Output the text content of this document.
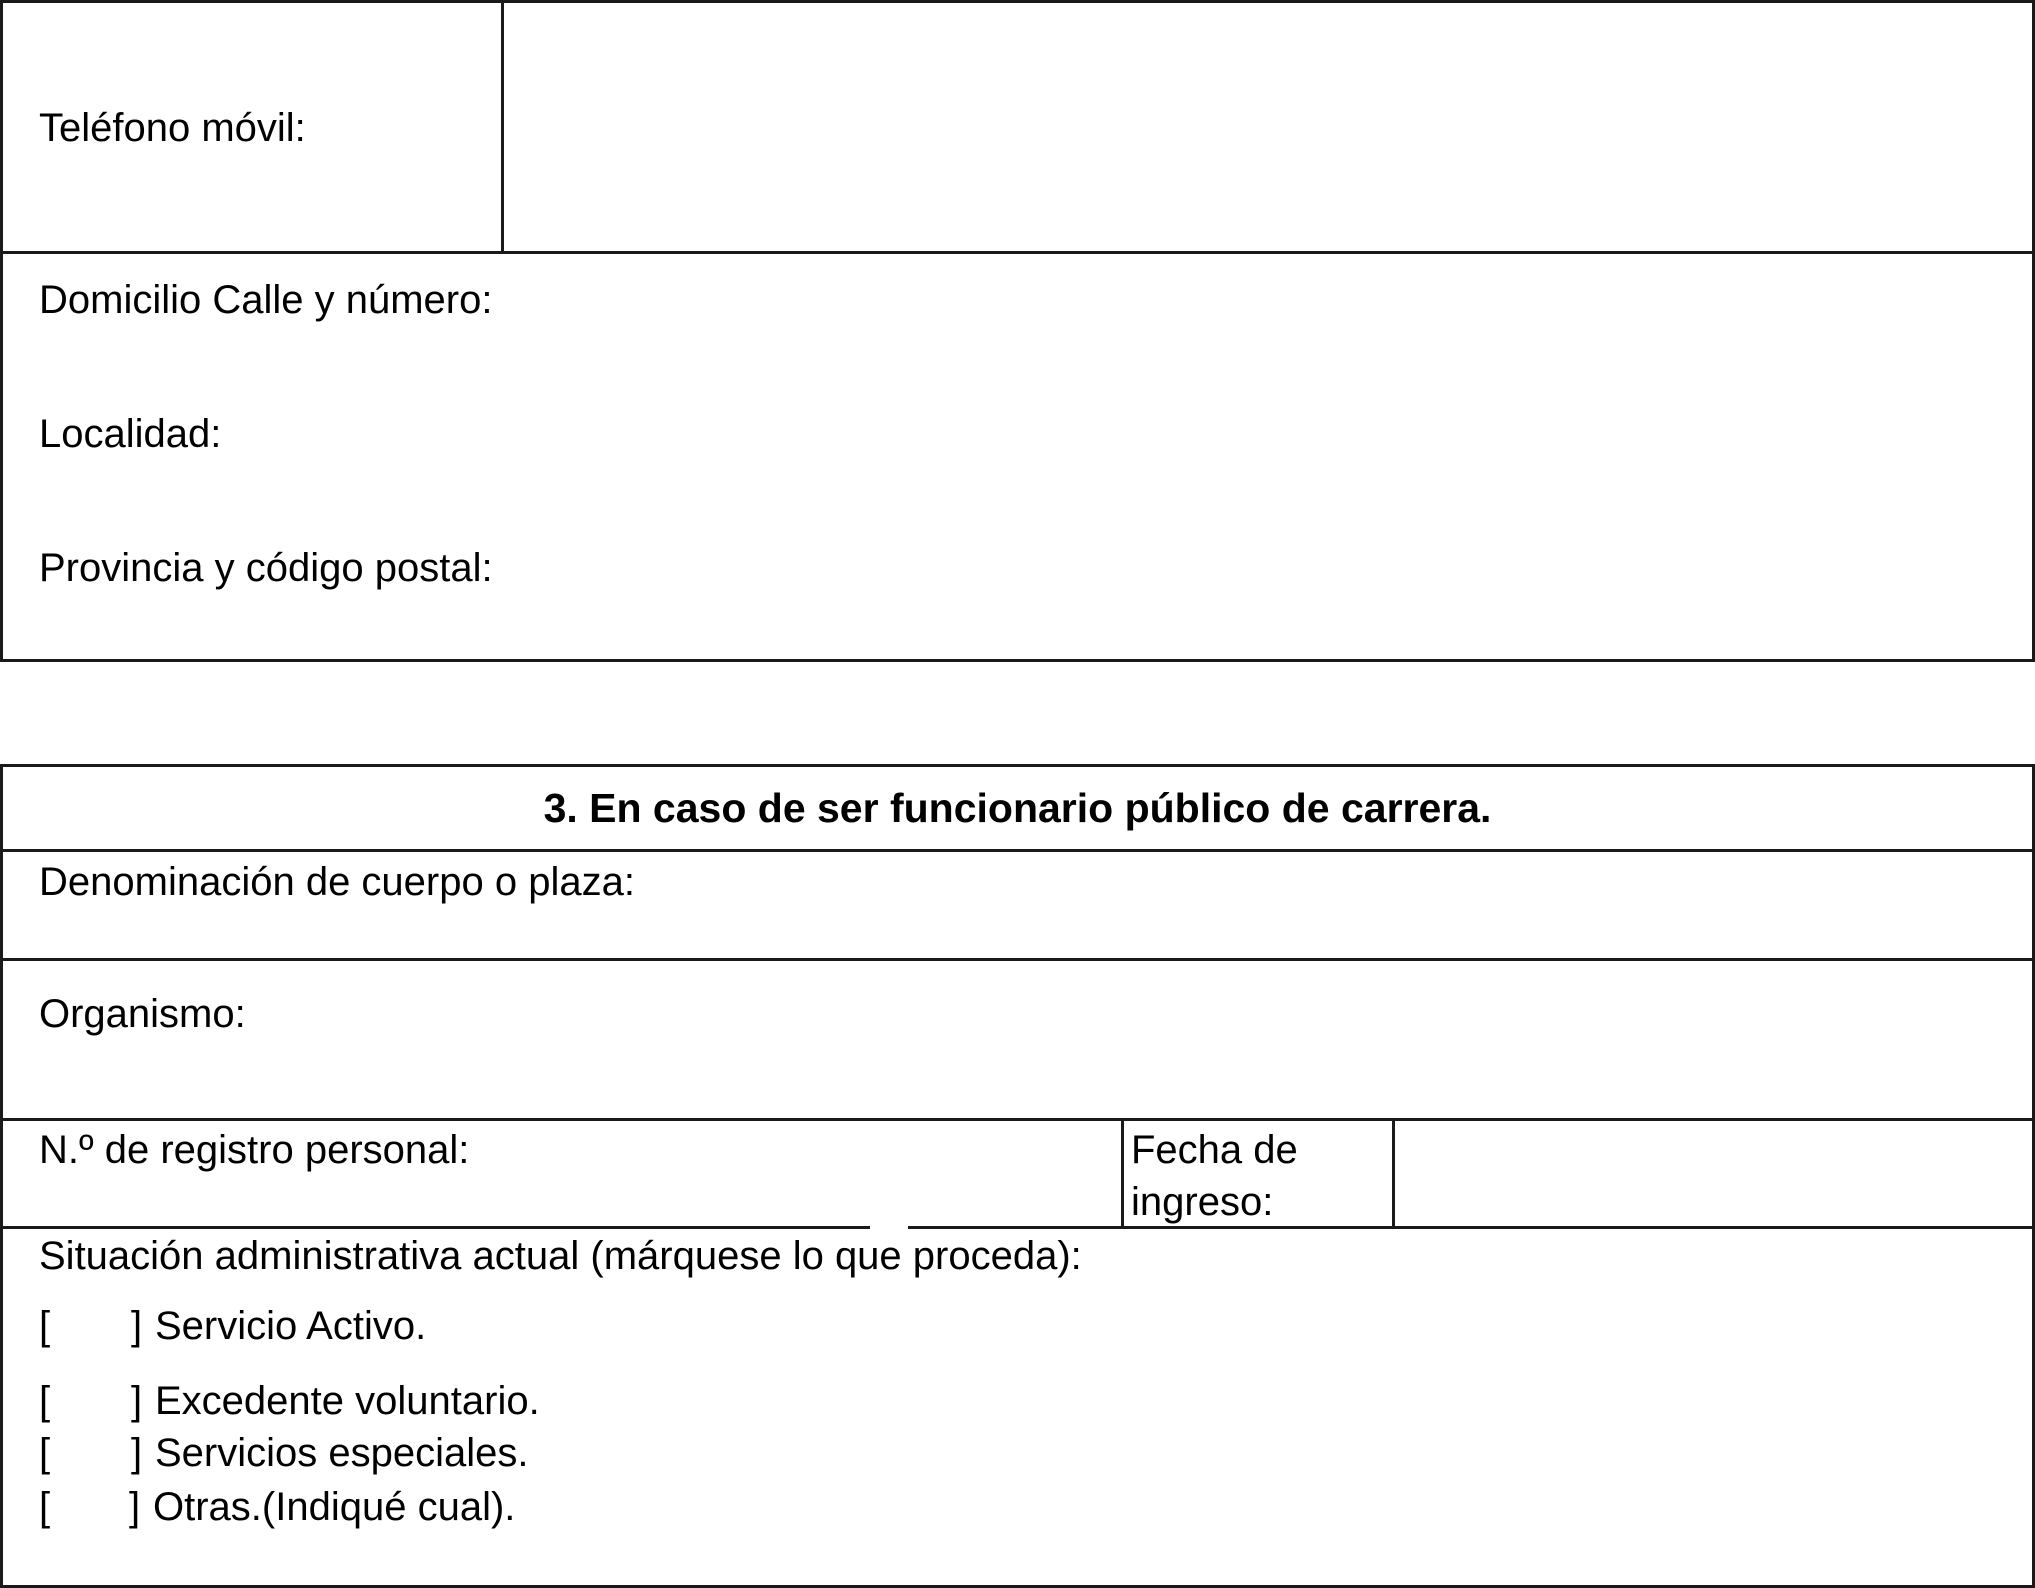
Teléfono móvil:
Domicilio Calle y número:
Localidad:
Provincia y código postal:
3. En caso de ser funcionario público de carrera.
Denominación de cuerpo o plaza:
Organismo:
N.º de registro personal:	Fecha de ingreso:
Situación administrativa actual (márquese lo que proceda):
[ ] Servicio Activo.
[ ] Excedente voluntario.
[ ] Servicios especiales.
[ ] Otras.(Indiqué cual).
